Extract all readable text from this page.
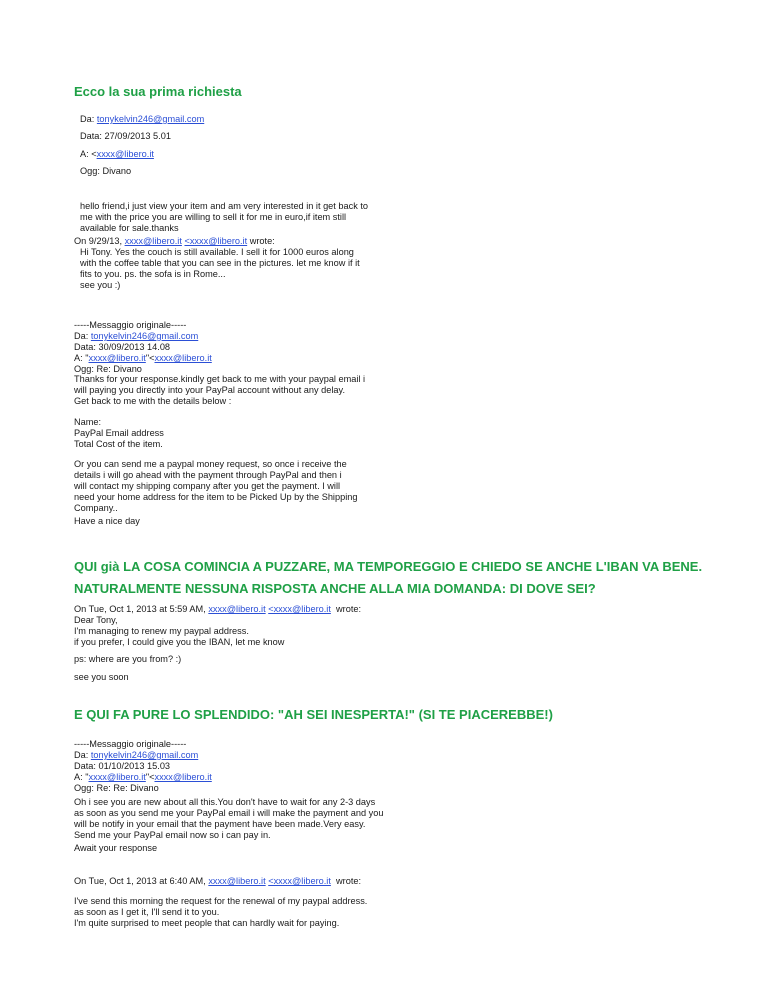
Ecco la sua prima richiesta
Da: tonykelvin246@gmail.com
Data: 27/09/2013 5.01
A: <xxxx@libero.it
Ogg: Divano
hello friend,i just view your item and am very interested in it get back to
me with the price you are willing to sell it for me in euro,if item still
available for sale.thanks
On 9/29/13, xxxx@libero.it <xxxx@libero.it wrote:
Hi Tony. Yes the couch is still available. I sell it for 1000 euros along
with the coffee table that you can see in the pictures. let me know if it
fits to you. ps. the sofa is in Rome...
see you :)
-----Messaggio originale-----
Da: tonykelvin246@gmail.com
Data: 30/09/2013 14.08
A: "xxxx@libero.it"<xxxx@libero.it
Ogg: Re: Divano
Thanks for your response.kindly get back to me with your paypal email i
will paying you directly into your PayPal account without any delay.
Get back to me with the details below :
Name:
PayPal Email address
Total Cost of the item.
Or you can send me a paypal money request, so once i receive the
details i will go ahead with the payment through PayPal and then i
will contact my shipping company after you get the payment. I will
need your home address for the item to be Picked Up by the Shipping
Company..
Have a nice day
QUI già LA COSA COMINCIA A PUZZARE, MA TEMPOREGGIO E CHIEDO SE ANCHE L'IBAN VA BENE.
NATURALMENTE NESSUNA RISPOSTA ANCHE ALLA MIA DOMANDA: DI DOVE SEI?
On Tue, Oct 1, 2013 at 5:59 AM, xxxx@libero.it <xxxx@libero.it wrote:
Dear Tony,
I'm managing to renew my paypal address.
if you prefer, I could give you the IBAN, let me know
ps: where are you from? :)
see you soon
E QUI FA PURE LO SPLENDIDO: "AH SEI INESPERTA!" (SI TE PIACEREBBE!)
-----Messaggio originale-----
Da: tonykelvin246@gmail.com
Data: 01/10/2013 15.03
A: "xxxx@libero.it"<xxxx@libero.it
Ogg: Re: Re: Divano
Oh i see you are new about all this.You don't have to wait for any 2-3 days
as soon as you send me your PayPal email i will make the payment and you
will be notify in your email that the payment have been made.Very easy.
Send me your PayPal email now so i can pay in.
Await your response
On Tue, Oct 1, 2013 at 6:40 AM, xxxx@libero.it <xxxx@libero.it wrote:
I've send this morning the request for the renewal of my paypal address.
as soon as I get it, I'll send it to you.
I'm quite surprised to meet people that can hardly wait for paying.
